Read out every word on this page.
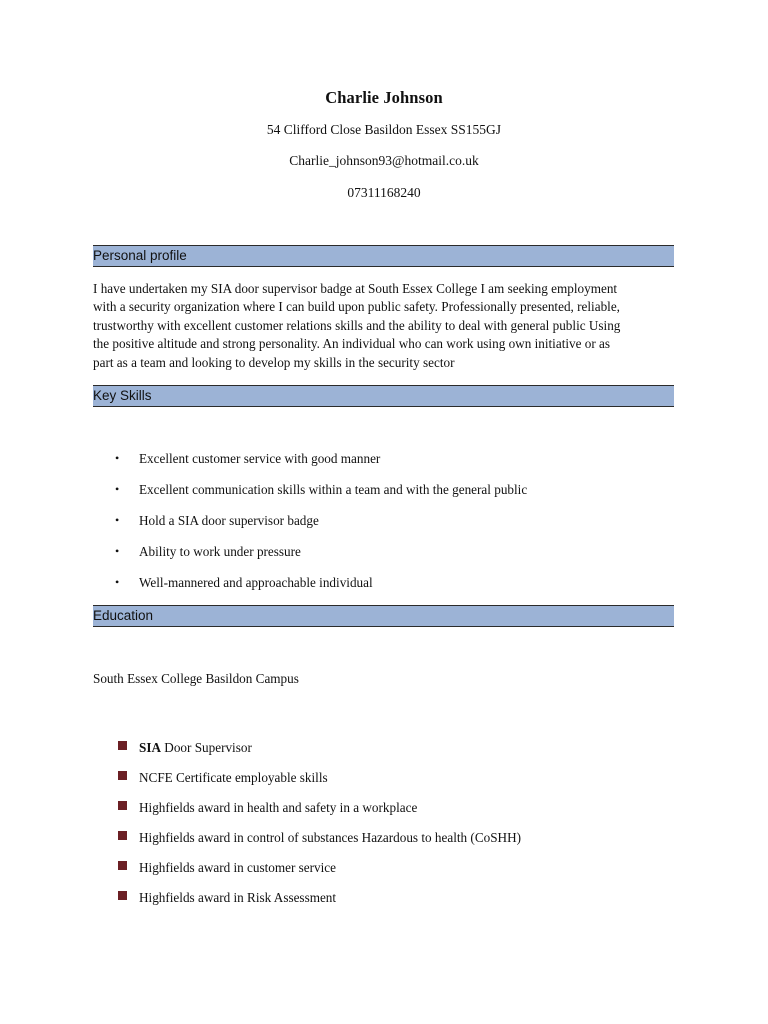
Charlie Johnson
54 Clifford Close Basildon Essex SS155GJ
Charlie_johnson93@hotmail.co.uk
07311168240
Personal profile
I have undertaken my SIA door supervisor badge at South Essex College I am seeking employment
with a security organization where I can build upon public safety. Professionally presented, reliable,
trustworthy with excellent customer relations skills and the ability to deal with general public Using
the positive altitude and strong personality. An individual who can work using own initiative or as
part as a team and looking to develop my skills in the security sector
Key Skills
• Excellent customer service with good manner
• Excellent communication skills within a team and with the general public
• Hold a SIA door supervisor badge
• Ability to work under pressure
• Well-mannered and approachable individual
Education
South Essex College Basildon Campus
SIA Door Supervisor
NCFE Certificate employable skills
Highfields award in health and safety in a workplace
Highfields award in control of substances Hazardous to health (CoSHH)
Highfields award in customer service
Highfields award in Risk Assessment
